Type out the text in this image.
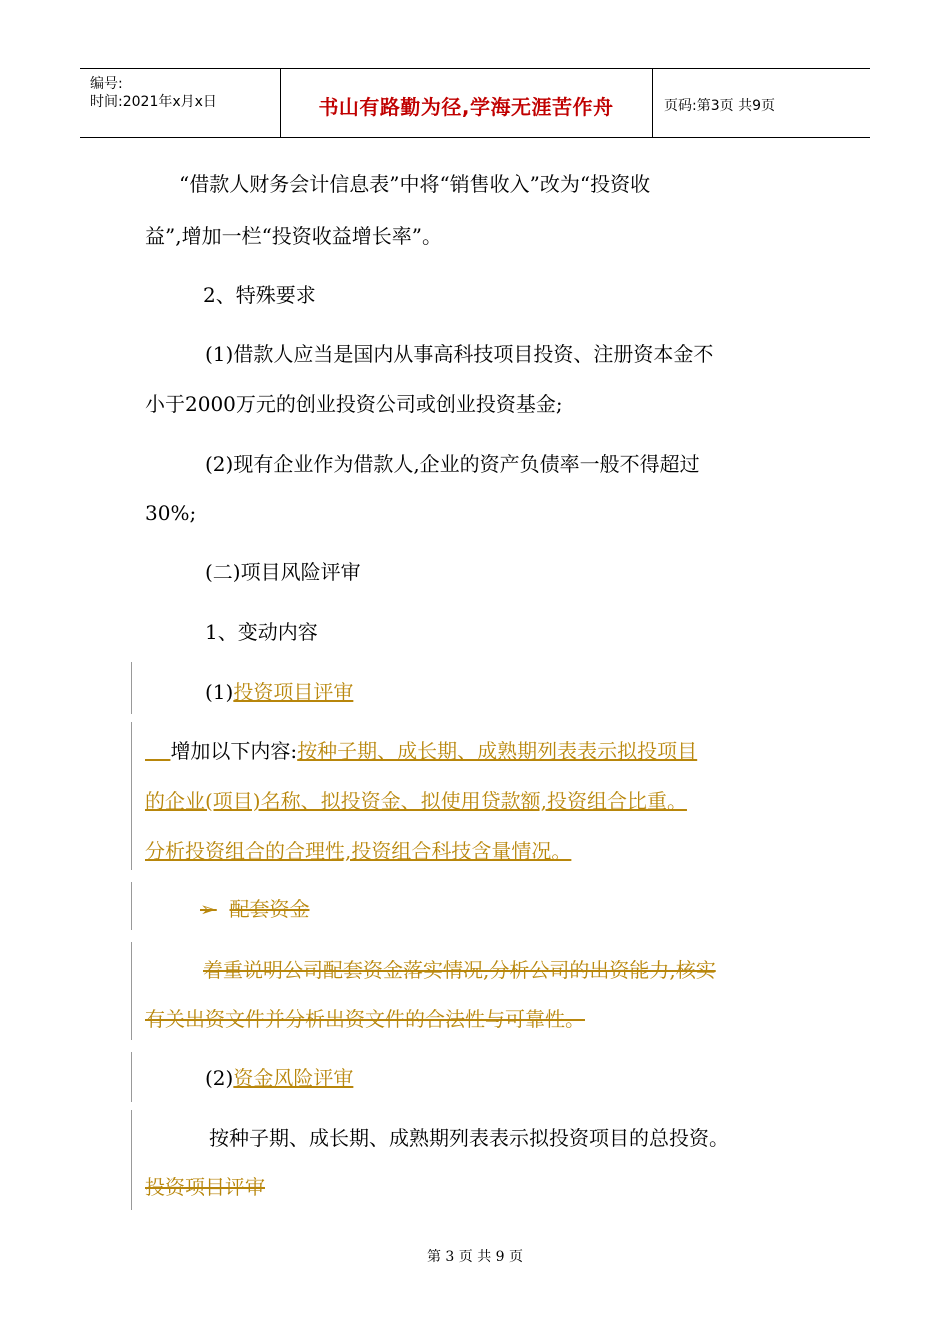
编号:
时间:2021年x月x日	书山有路勤为径,学海无涯苦作舟	页码:第3页 共9页
“借款人财务会计信息表”中将“销售收入”改为“投资收
益”,增加一栏“投资收益增长率”。
2、特殊要求
(1)借款人应当是国内从事高科技项目投资、注册资本金不
小于2000万元的创业投资公司或创业投资基金;
(2)现有企业作为借款人,企业的资产负债率一般不得超过
30%;
(二)项目风险评审
1、变动内容
(1)投资项目评审
增加以下内容:按种子期、成长期、成熟期列表表示拟投项目
的企业(项目)名称、拟投资金、拟使用贷款额,投资组合比重。
分析投资组合的合理性,投资组合科技含量情况。
➢ 配套资金
着重说明公司配套资金落实情况,分析公司的出资能力,核实
有关出资文件并分析出资文件的合法性与可靠性。
(2)资金风险评审
按种子期、成长期、成熟期列表表示拟投资项目的总投资。
投资项目评审
第 3 页 共 9 页
